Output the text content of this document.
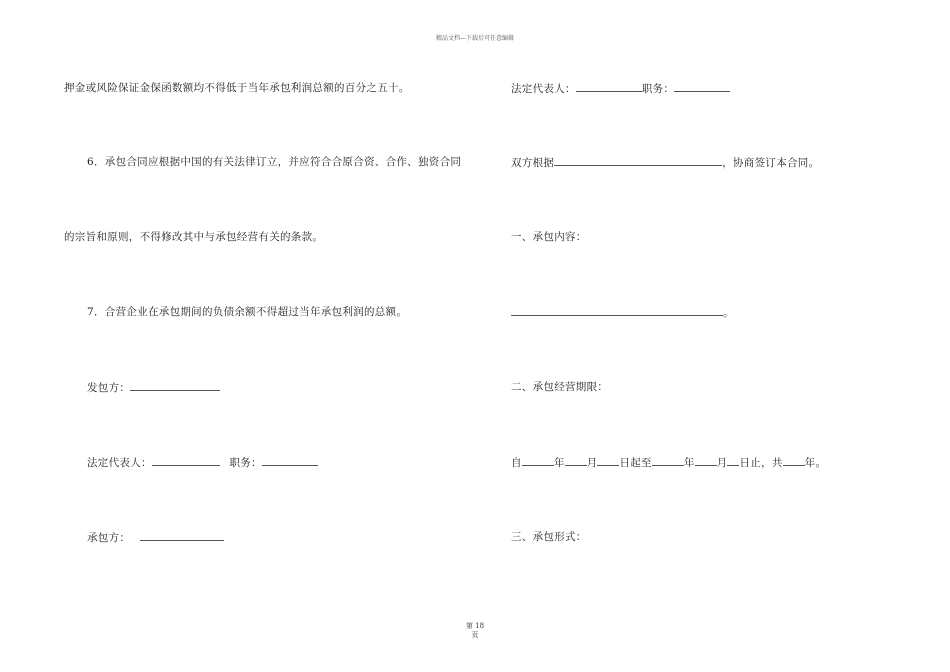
精品文档---下载后可任意编辑
押金或风险保证金保函数额均不得低于当年承包利润总额的百分之五十。
6．承包合同应根据中国的有关法律订立，并应符合合原合资、合作、独资合同
的宗旨和原则，不得修改其中与承包经营有关的条款。
7．合营企业在承包期间的负债余额不得超过当年承包利润的总额。
发包方：
法定代表人：	职务：
承包方：
法定代表人：	职务：
双方根据	，协商签订本合同。
一、承包内容：
。
二、承包经营期限：
自	年 月 日起至	年 月 日止，共 年。
三、承包形式：
第 18
页
